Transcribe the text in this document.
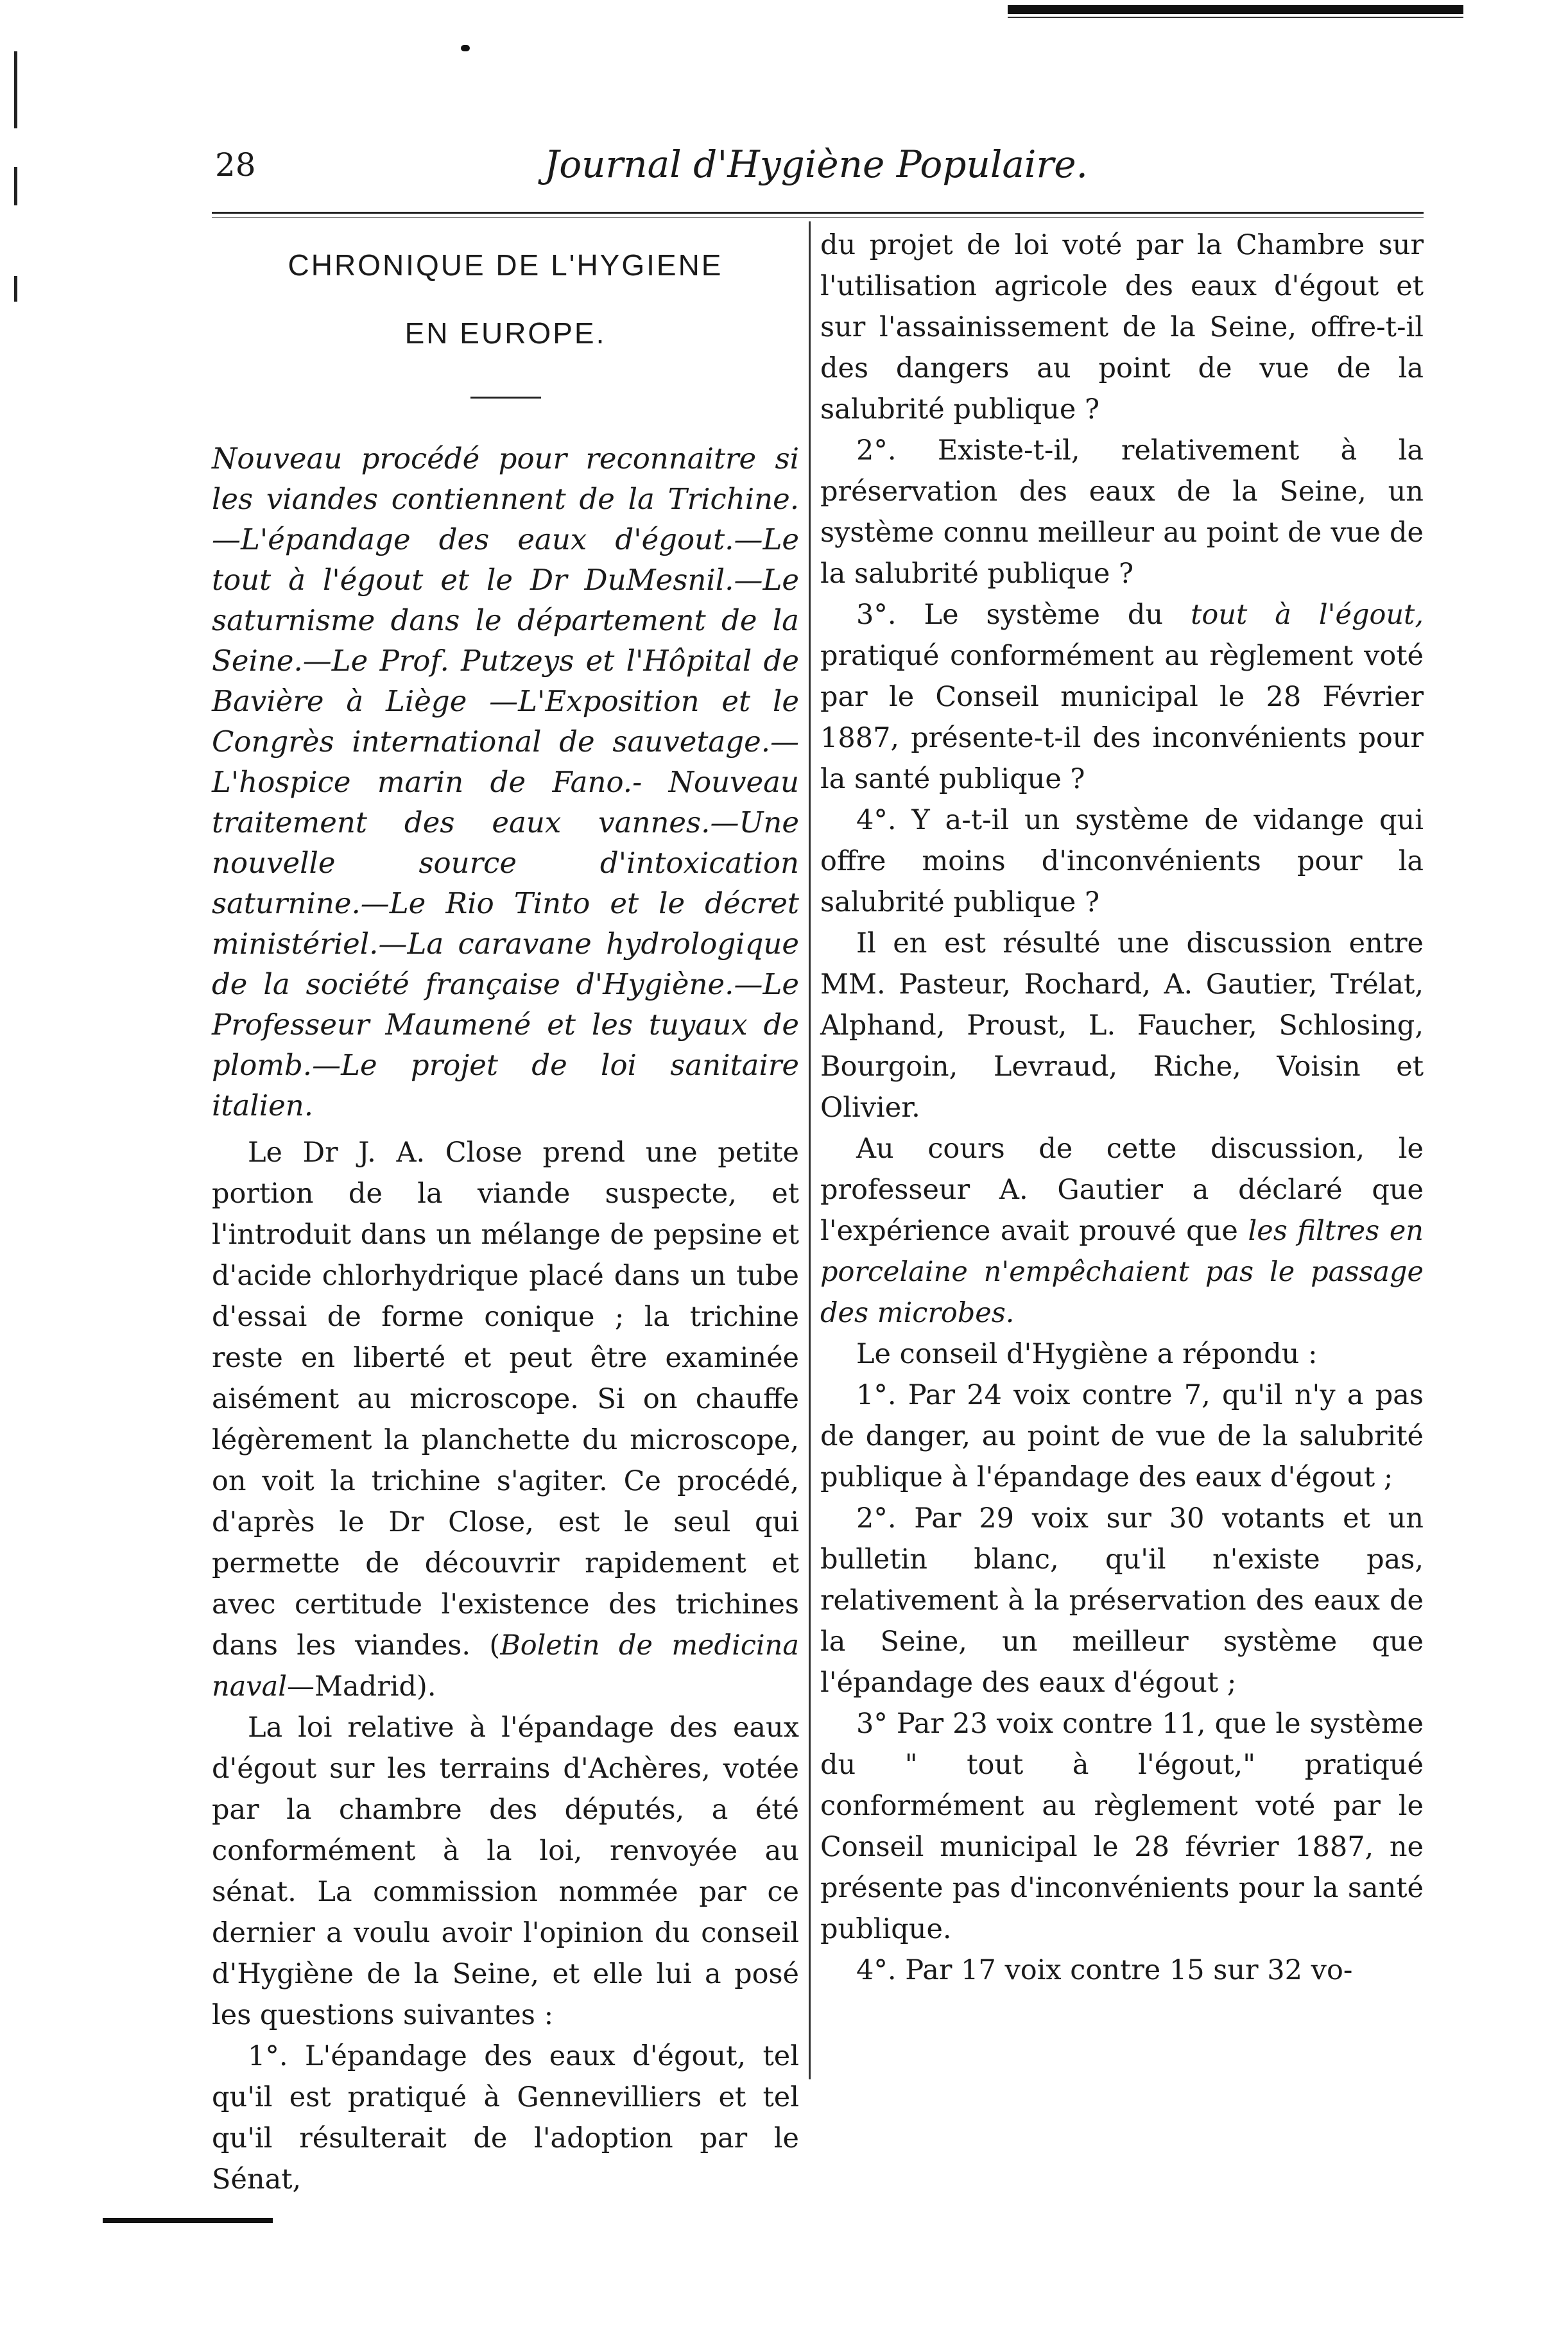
28	Journal d'Hygiène Populaire.
CHRONIQUE DE L'HYGIENE
EN EUROPE.

Nouveau procédé pour reconnaitre si les viandes contiennent de la Trichine.—L'épandage des eaux d'égout.—Le tout à l'égout et le Dr DuMesnil.—Le saturnisme dans le département de la Seine.—Le Prof. Putzeys et l'Hôpital de Bavière à Liège —L'Exposition et le Congrès international de sauvetage.—L'hospice marin de Fano.- Nouveau traitement des eaux vannes.—Une nouvelle source d'intoxication saturnine.—Le Rio Tinto et le décret ministériel.—La caravane hydrologique de la société française d'Hygiène.—Le Professeur Maumené et les tuyaux de plomb.—Le projet de loi sanitaire italien.

Le Dr J. A. Close prend une petite portion de la viande suspecte, et l'introduit dans un mélange de pepsine et d'acide chlorhydrique placé dans un tube d'essai de forme conique ; la trichine reste en liberté et peut être examinée aisément au microscope. Si on chauffe légèrement la planchette du microscope, on voit la trichine s'agiter. Ce procédé, d'après le Dr Close, est le seul qui permette de découvrir rapidement et avec certitude l'existence des trichines dans les viandes. (Boletin de medicina naval—Madrid).

La loi relative à l'épandage des eaux d'égout sur les terrains d'Achères, votée par la chambre des députés, a été conformément à la loi, renvoyée au sénat. La commission nommée par ce dernier a voulu avoir l'opinion du conseil d'Hygiène de la Seine, et elle lui a posé les questions suivantes :

1°. L'épandage des eaux d'égout, tel qu'il est pratiqué à Gennevilliers et tel qu'il résulterait de l'adoption par le Sénat,

du projet de loi voté par la Chambre sur l'utilisation agricole des eaux d'égout et sur l'assainissement de la Seine, offre-t-il des dangers au point de vue de la salubrité publique ?

2°. Existe-t-il, relativement à la préservation des eaux de la Seine, un système connu meilleur au point de vue de la salubrité publique ?

3°. Le système du tout à l'égout, pratiqué conformément au règlement voté par le Conseil municipal le 28 Février 1887, présente-t-il des inconvénients pour la santé publique ?

4°. Y a-t-il un système de vidange qui offre moins d'inconvénients pour la salubrité publique ?

Il en est résulté une discussion entre MM. Pasteur, Rochard, A. Gautier, Trélat, Alphand, Proust, L. Faucher, Schlosing, Bourgoin, Levraud, Riche, Voisin et Olivier.

Au cours de cette discussion, le professeur A. Gautier a déclaré que l'expérience avait prouvé que les filtres en porcelaine n'empêchaient pas le passage des microbes.

Le conseil d'Hygiène a répondu :

1°. Par 24 voix contre 7, qu'il n'y a pas de danger, au point de vue de la salubrité publique à l'épandage des eaux d'égout ;

2°. Par 29 voix sur 30 votants et un bulletin blanc, qu'il n'existe pas, relativement à la préservation des eaux de la Seine, un meilleur système que l'épandage des eaux d'égout ;

3° Par 23 voix contre 11, que le système du " tout à l'égout," pratiqué conformément au règlement voté par le Conseil municipal le 28 février 1887, ne présente pas d'inconvénients pour la santé publique.

4°. Par 17 voix contre 15 sur 32 vo-
